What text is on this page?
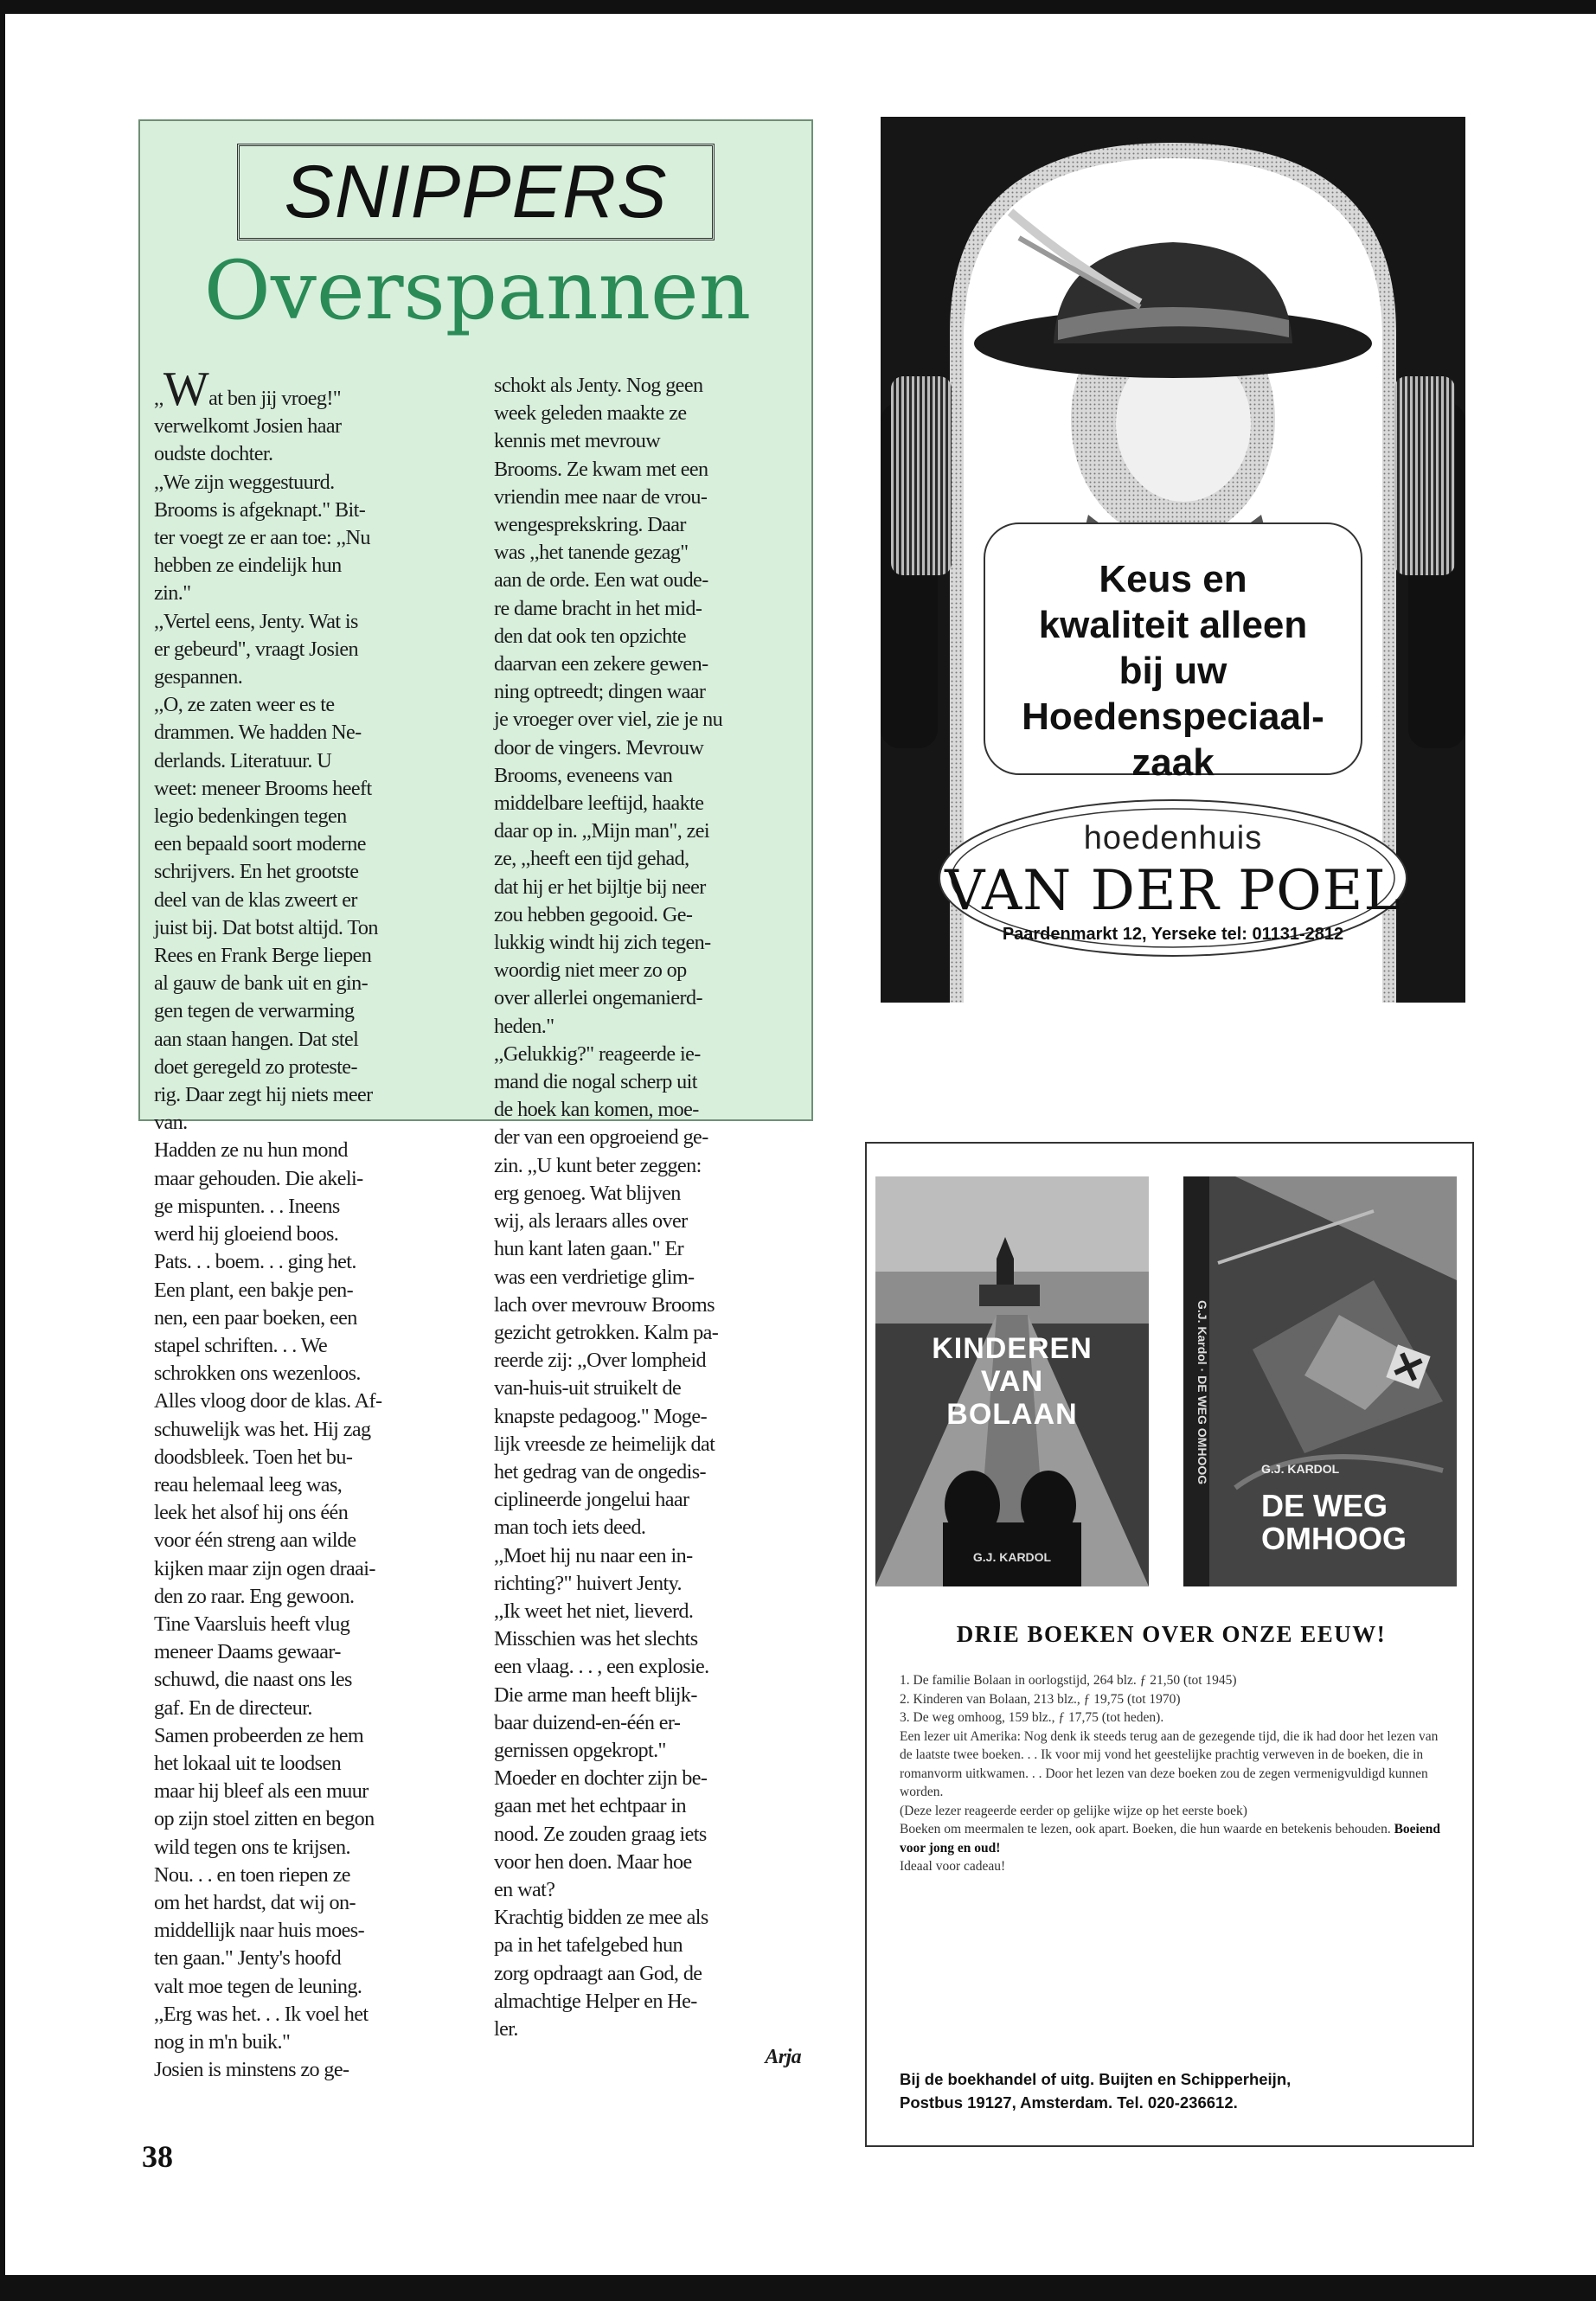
SNIPPERS
Overspannen

,,Wat ben jij vroeg!"

verwelkomt Josien haar

oudste dochter.

,,We zijn weggestuurd.

Brooms is afgeknapt." Bit-

ter voegt ze er aan toe: ,,Nu

hebben ze eindelijk hun

zin."

,,Vertel eens, Jenty. Wat is

er gebeurd", vraagt Josien

gespannen.

,,O, ze zaten weer es te

drammen. We hadden Ne-

derlands. Literatuur. U

weet: meneer Brooms heeft

legio bedenkingen tegen

een bepaald soort moderne

schrijvers. En het grootste

deel van de klas zweert er

juist bij. Dat botst altijd. Ton

Rees en Frank Berge liepen

al gauw de bank uit en gin-

gen tegen de verwarming

aan staan hangen. Dat stel

doet geregeld zo proteste-

rig. Daar zegt hij niets meer

van.

Hadden ze nu hun mond

maar gehouden. Die akeli-

ge mispunten. . . Ineens

werd hij gloeiend boos.

Pats. . . boem. . . ging het.

Een plant, een bakje pen-

nen, een paar boeken, een

stapel schriften. . . We

schrokken ons wezenloos.

Alles vloog door de klas. Af-

schuwelijk was het. Hij zag

doodsbleek. Toen het bu-

reau helemaal leeg was,

leek het alsof hij ons één

voor één streng aan wilde

kijken maar zijn ogen draai-

den zo raar. Eng gewoon.

Tine Vaarsluis heeft vlug

meneer Daams gewaar-

schuwd, die naast ons les

gaf. En de directeur.

Samen probeerden ze hem

het lokaal uit te loodsen

maar hij bleef als een muur

op zijn stoel zitten en begon

wild tegen ons te krijsen.

Nou. . . en toen riepen ze

om het hardst, dat wij on-

middellijk naar huis moes-

ten gaan." Jenty's hoofd

valt moe tegen de leuning.

,,Erg was het. . . Ik voel het

nog in m'n buik."

Josien is minstens zo ge-

schokt als Jenty. Nog geen

week geleden maakte ze

kennis met mevrouw

Brooms. Ze kwam met een

vriendin mee naar de vrou-

wengesprekskring. Daar

was ,,het tanende gezag"

aan de orde. Een wat oude-

re dame bracht in het mid-

den dat ook ten opzichte

daarvan een zekere gewen-

ning optreedt; dingen waar

je vroeger over viel, zie je nu

door de vingers. Mevrouw

Brooms, eveneens van

middelbare leeftijd, haakte

daar op in. ,,Mijn man", zei

ze, ,,heeft een tijd gehad,

dat hij er het bijltje bij neer

zou hebben gegooid. Ge-

lukkig windt hij zich tegen-

woordig niet meer zo op

over allerlei ongemanierd-

heden."

,,Gelukkig?" reageerde ie-

mand die nogal scherp uit

de hoek kan komen, moe-

der van een opgroeiend ge-

zin. ,,U kunt beter zeggen:

erg genoeg. Wat blijven

wij, als leraars alles over

hun kant laten gaan." Er

was een verdrietige glim-

lach over mevrouw Brooms

gezicht getrokken. Kalm pa-

reerde zij: ,,Over lompheid

van-huis-uit struikelt de

knapste pedagoog." Moge-

lijk vreesde ze heimelijk dat

het gedrag van de ongedis-

ciplineerde jongelui haar

man toch iets deed.

,,Moet hij nu naar een in-

richting?" huivert Jenty.

,,Ik weet het niet, lieverd.

Misschien was het slechts

een vlaag. . . , een explosie.

Die arme man heeft blijk-

baar duizend-en-één er-

gernissen opgekropt."

Moeder en dochter zijn be-

gaan met het echtpaar in

nood. Ze zouden graag iets

voor hen doen. Maar hoe

en wat?

Krachtig bidden ze mee als

pa in het tafelgebed hun

zorg opdraagt aan God, de

almachtige Helper en He-

ler.

Arja

Keus en
kwaliteit alleen
bij uw
Hoedenspeciaal-
zaak
hoedenhuis
VAN DER POEL
Paardenmarkt 12, Yerseke tel: 01131-2812
KINDEREN
VAN
BOLAAN
G.J. KARDOL
G.J. Kardol · DE WEG OMHOOG	G.J. KARDOL
DE WEG
OMHOOG
DRIE BOEKEN OVER ONZE EEUW!

1. De familie Bolaan in oorlogstijd, 264 blz. ƒ 21,50 (tot 1945)

2. Kinderen van Bolaan, 213 blz., ƒ 19,75 (tot 1970)

3. De weg omhoog, 159 blz., ƒ 17,75 (tot heden).

Een lezer uit Amerika: Nog denk ik steeds terug aan de gezegende tijd, die ik had door het lezen van de laatste twee boeken. . . Ik voor mij vond het geestelijke prachtig verweven in de boeken, die in romanvorm uitkwamen. . . Door het lezen van deze boeken zou de zegen vermenigvuldigd kunnen worden.

(Deze lezer reageerde eerder op gelijke wijze op het eerste boek)

Boeken om meermalen te lezen, ook apart. Boeken, die hun waarde en betekenis behouden. Boeiend voor jong en oud!

Ideaal voor cadeau!

Bij de boekhandel of uitg. Buijten en Schipperheijn,
Postbus 19127, Amsterdam. Tel. 020-236612.
38
